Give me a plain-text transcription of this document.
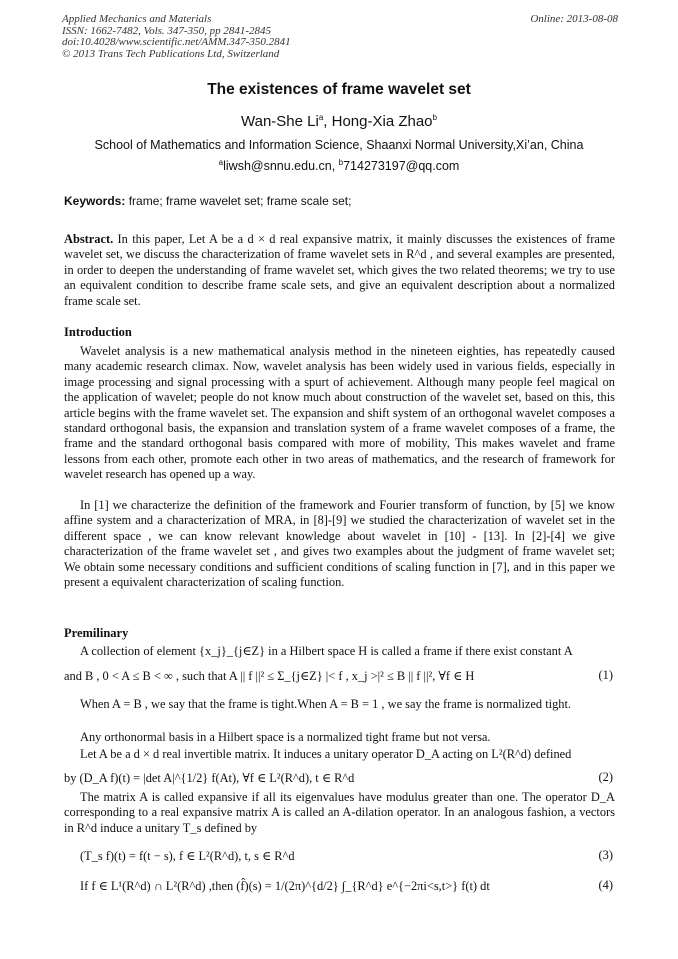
Applied Mechanics and Materials
ISSN: 1662-7482, Vols. 347-350, pp 2841-2845
doi:10.4028/www.scientific.net/AMM.347-350.2841
© 2013 Trans Tech Publications Ltd, Switzerland
Online: 2013-08-08
The existences of frame wavelet set
Wan-She Li$^a$, Hong-Xia Zhao$^b$
School of Mathematics and Information Science, Shaanxi Normal University,Xi’an, China
$^a$liwsh@snnu.edu.cn, $^b$714273197@qq.com
Keywords: frame; frame wavelet set; frame scale set;

Abstract. In this paper, Let A be a d × d real expansive matrix, it mainly discusses the existences of frame wavelet set, we discuss the characterization of frame wavelet sets in R^d , and several examples are presented, in order to deepen the understanding of frame wavelet set, which gives the two related theorems; we try to use an equivalent condition to describe frame scale sets, and give an equivalent description about a normalized frame scale set.

Introduction

Wavelet analysis is a new mathematical analysis method in the nineteen eighties, has repeatedly caused many academic research climax. Now, wavelet analysis has been widely used in various fields, especially in image processing and signal processing with a spurt of achievement. Although many people feel magical on the application of wavelet; people do not know much about construction of the wavelet set, based on this, this article begins with the frame wavelet set. The expansion and shift system of an orthogonal wavelet composes a standard orthogonal basis, the expansion and translation system of a frame wavelet composes of a frame, the frame and the standard orthogonal basis compared with more of mobility, This makes wavelet and frame lessons from each other, promote each other in two areas of mathematics, and the research of framework for wavelet research has opened up a way.

In [1] we characterize the definition of the framework and Fourier transform of function, by [5] we know affine system and a characterization of MRA, in [8]-[9] we studied the characterization of wavelet set in the different space , we can know relevant knowledge about wavelet in [10] - [13]. In [2]-[4] we give characterization of the frame wavelet set , and gives two examples about the judgment of frame wavelet set; We obtain some necessary conditions and sufficient conditions of scaling function in [7], and in this paper we present a equivalent characterization of scaling function.

Premilinary

A collection of element {x_j}_{j∈Z} in a Hilbert space H is called a frame if there exist constant A

and B , 0 < A ≤ B < ∞ , such that A || f ||² ≤ Σ_{j∈Z} |< f , x_j >|² ≤ B || f ||², ∀f ∈ H	(1)

When A = B , we say that the frame is tight.When A = B = 1 , we say the frame is normalized tight.

Any orthonormal basis in a Hilbert space is a normalized tight frame but not versa.

Let A be a d × d real invertible matrix. It induces a unitary operator D_A acting on L²(R^d) defined

by (D_A f)(t) = |det A|^{1/2} f(At), ∀f ∈ L²(R^d), t ∈ R^d	(2)

The matrix A is called expansive if all its eigenvalues have modulus greater than one. The operator D_A corresponding to a real expansive matrix A is called an A-dilation operator. In an analogous fashion, a vectors in R^d induce a unitary T_s defined by

(T_s f)(t) = f(t − s), f ∈ L²(R^d), t, s ∈ R^d	(3)
If f ∈ L¹(R^d) ∩ L²(R^d) ,then (f̂)(s) = 1/(2π)^{d/2} ∫_{R^d} e^{−2πi<s,t>} f(t) dt	(4)
